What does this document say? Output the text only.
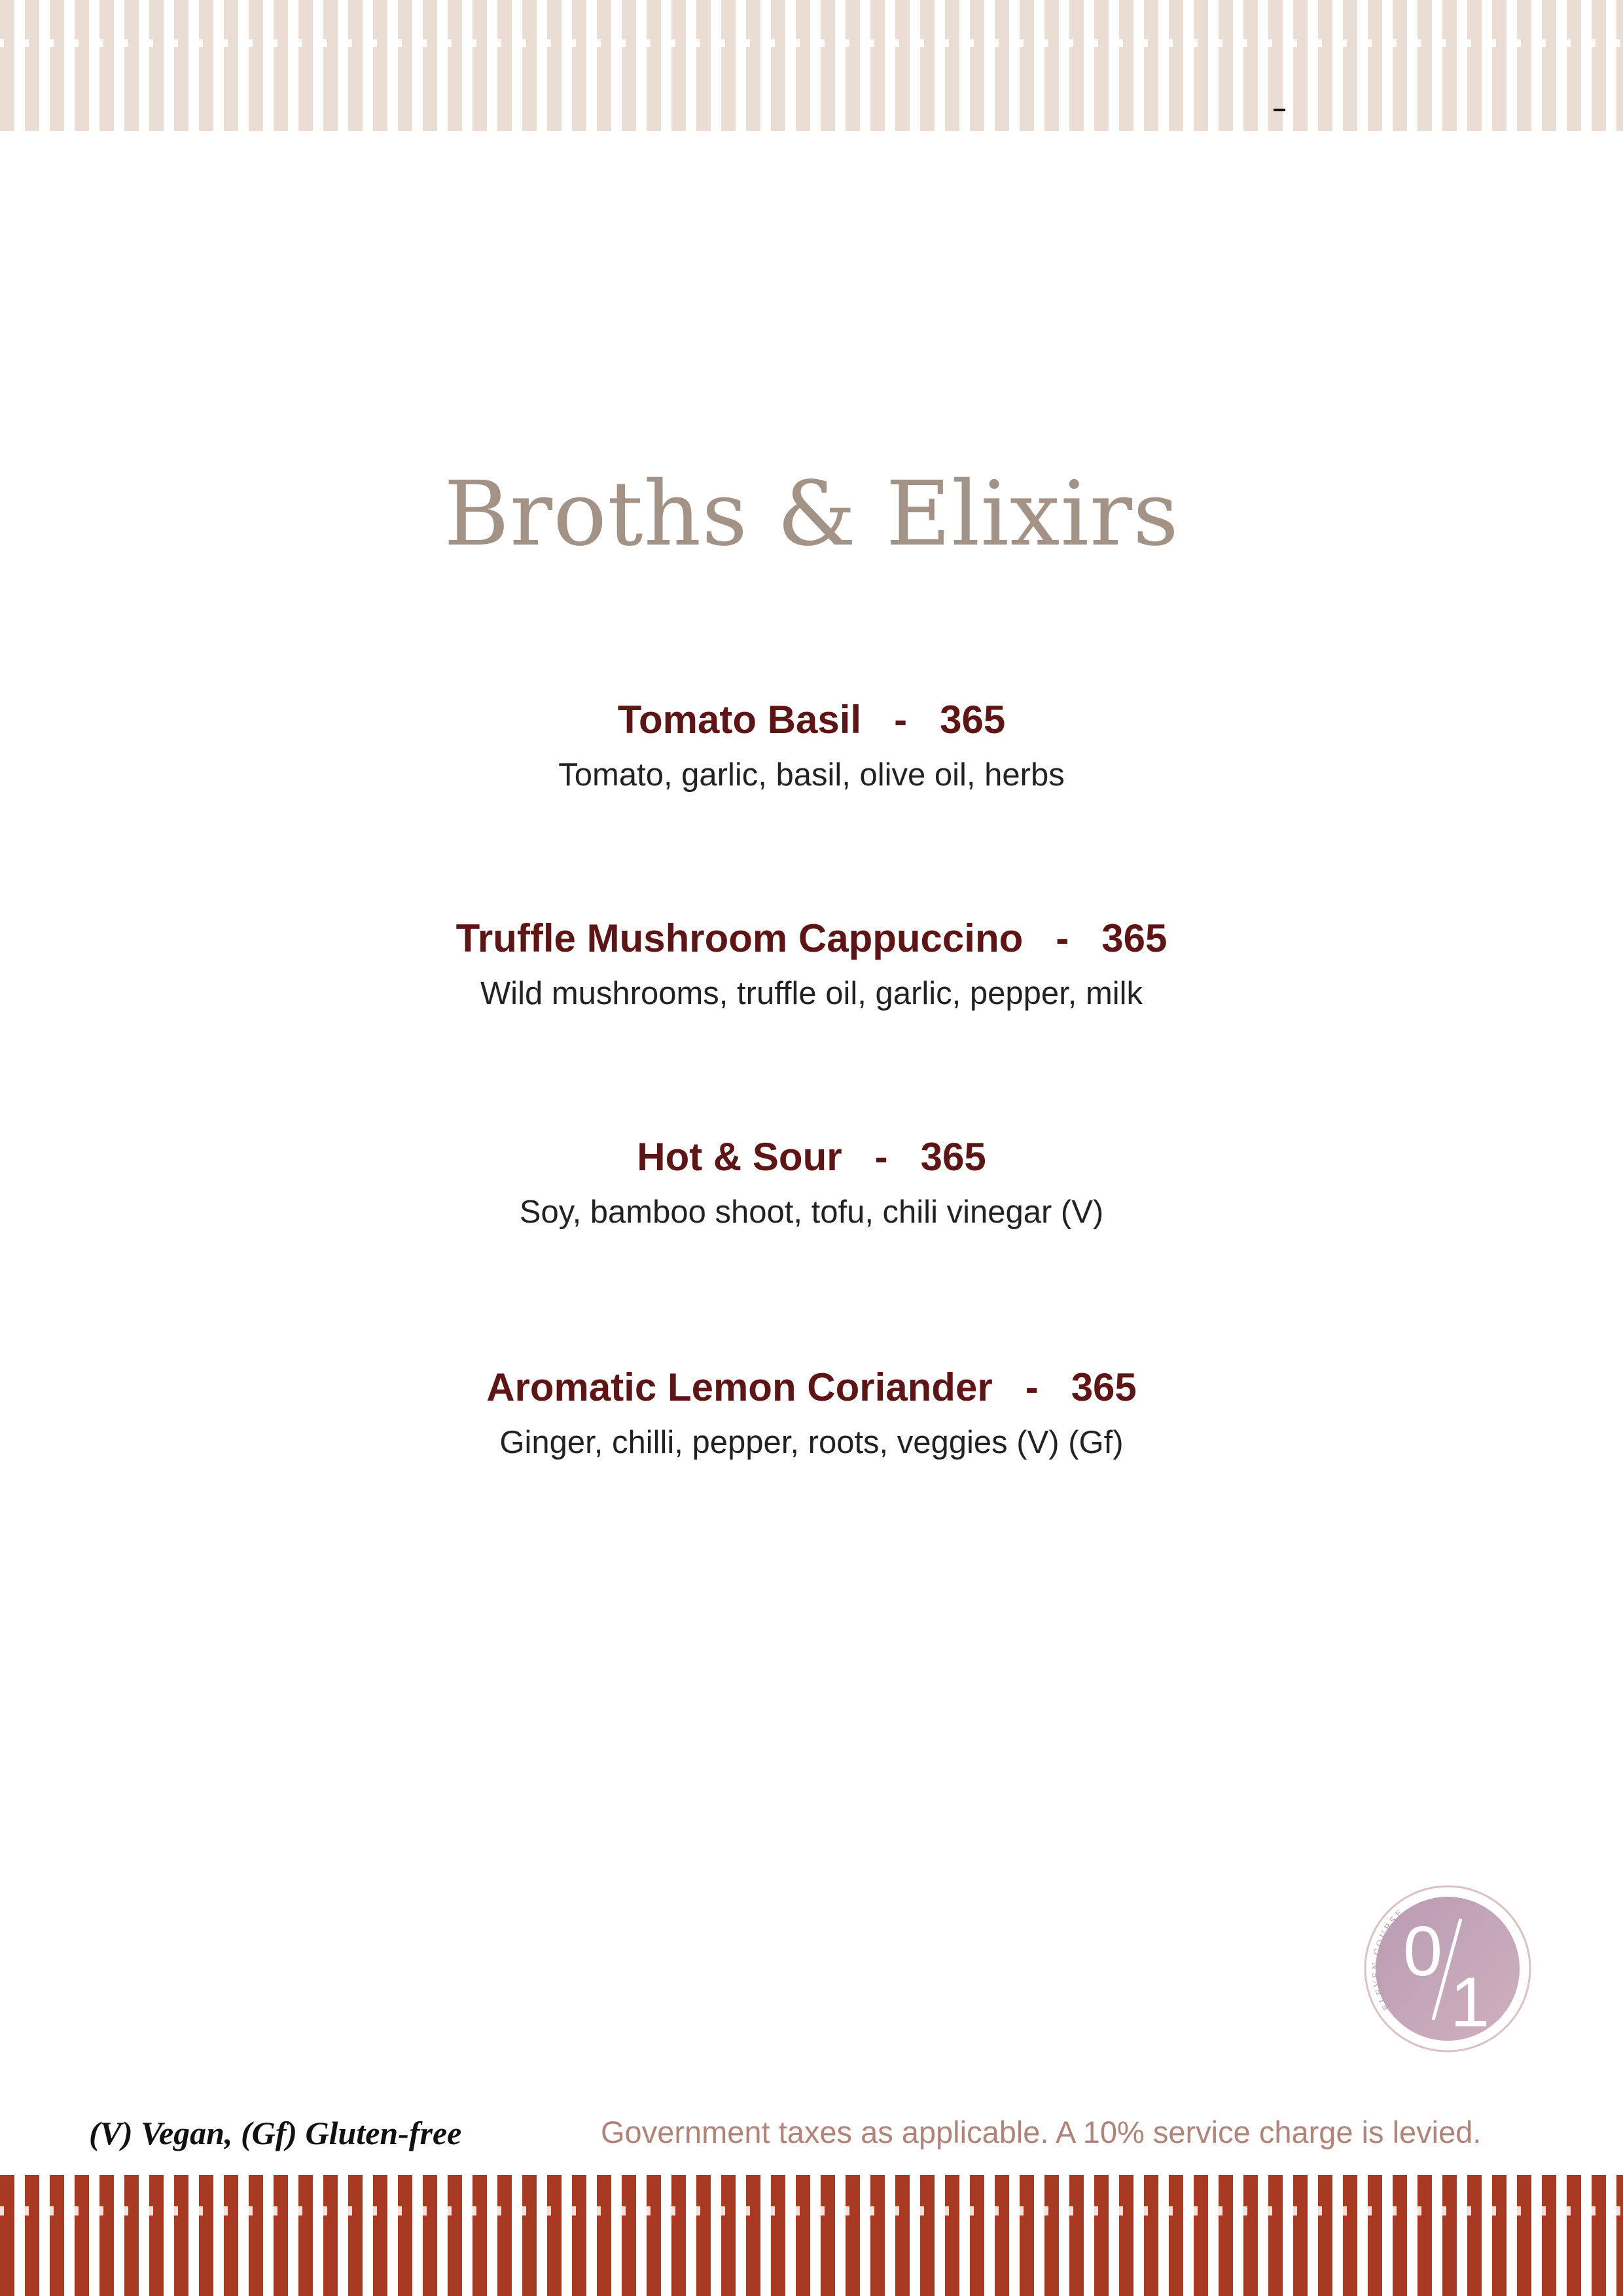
Broths & Elixirs
Tomato Basil - 365
Tomato, garlic, basil, olive oil, herbs
Truffle Mushroom Cappuccino - 365
Wild mushrooms, truffle oil, garlic, pepper, milk
Hot & Sour - 365
Soy, bamboo shoot, tofu, chili vinegar (V)
Aromatic Lemon Coriander - 365
Ginger, chilli, pepper, roots, veggies (V) (Gf)
ELEVEN COURSE
0
1
(V) Vegan, (Gf) Gluten-free	Government taxes as applicable. A 10% service charge is levied.
